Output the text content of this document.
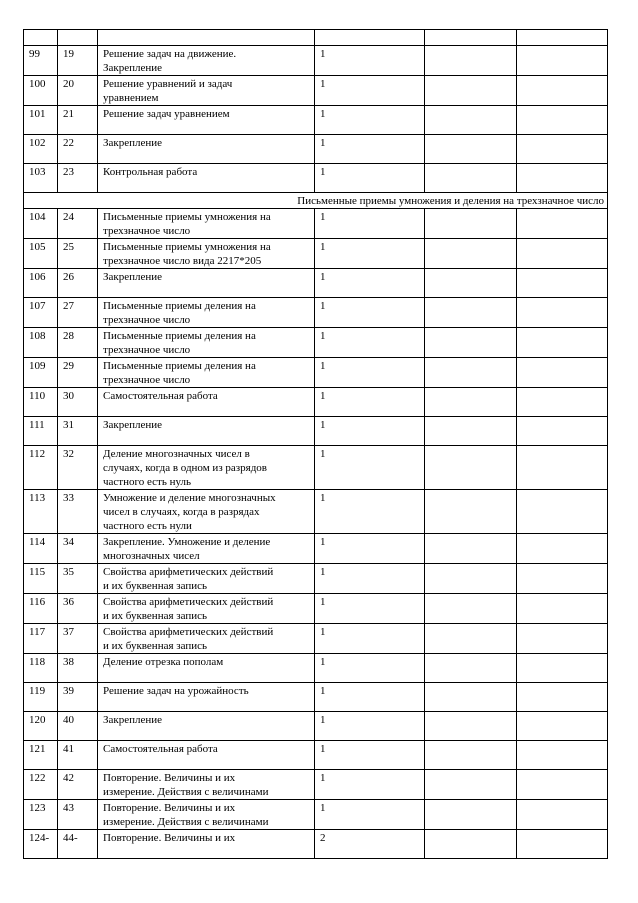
99	19	Решение задач на движение.
Закрепление	1		
100	20	Решение уравнений и задач
уравнением	1		
101	21	Решение задач уравнением	1		
102	22	Закрепление	1		
103	23	Контрольная работа	1		
Письменные приемы умножения и деления на трехзначное число					
104	24	Письменные приемы умножения на
трехзначное число	1		
105	25	Письменные приемы умножения на
трехзначное число вида 2217*205	1		
106	26	Закрепление	1		
107	27	Письменные приемы деления на
трехзначное число	1		
108	28	Письменные приемы деления на
трехзначное число	1		
109	29	Письменные приемы деления на
трехзначное число	1		
110	30	Самостоятельная работа	1		
111	31	Закрепление	1		
112	32	Деление многозначных чисел в
случаях, когда в одном из разрядов
частного есть нуль	1		
113	33	Умножение и деление многозначных
чисел в случаях, когда в разрядах
частного есть нули	1		
114	34	Закрепление. Умножение и деление
многозначных чисел	1		
115	35	Свойства арифметических действий
и их буквенная запись	1		
116	36	Свойства арифметических действий
и их буквенная запись	1		
117	37	Свойства арифметических действий
и их буквенная запись	1		
118	38	Деление отрезка пополам	1		
119	39	Решение задач на урожайность	1		
120	40	Закрепление	1		
121	41	Самостоятельная работа	1		
122	42	Повторение. Величины и их
измерение. Действия с величинами	1		
123	43	Повторение. Величины и их
измерение. Действия с величинами	1		
124-	44-	Повторение. Величины и их	2		
